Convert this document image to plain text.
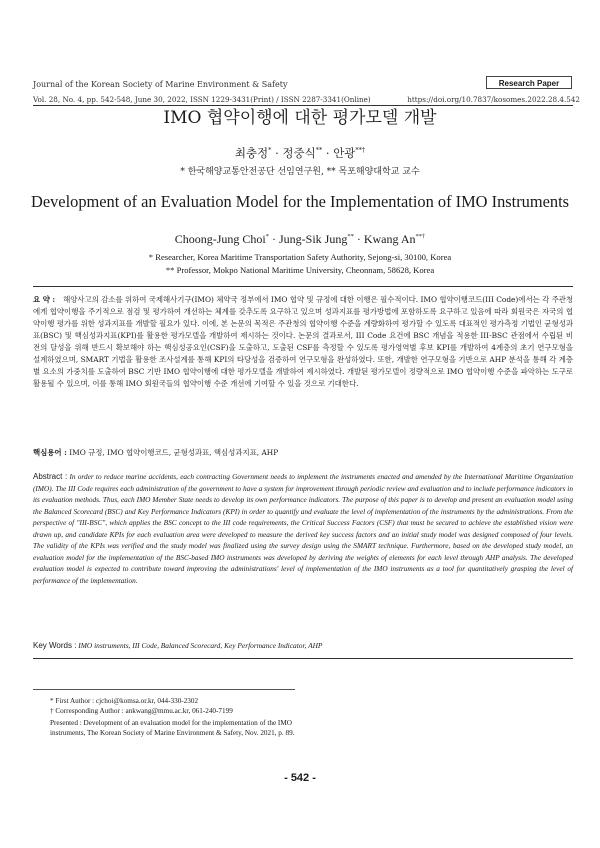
Journal of the Korean Society of Marine Environment & Safety	Research Paper
Vol. 28, No. 4, pp. 542-548, June 30, 2022, ISSN 1229-3431(Print) / ISSN 2287-3341(Online)	https://doi.org/10.7837/kosomes.2022.28.4.542
IMO 협약이행에 대한 평가모델 개발
최충정* · 정중식** · 안광**†
* 한국해양교통안전공단 선임연구원, ** 목포해양대학교 교수
Development of an Evaluation Model for the Implementation of IMO Instruments
Choong-Jung Choi* · Jung-Sik Jung** · Kwang An**†
* Researcher, Korea Maritime Transportation Safety Authority, Sejong-si, 30100, Korea
** Professor, Mokpo National Maritime University, Cheonnam, 58628, Korea
요 약 : 해양사고의 감소를 위하여 국제해사기구(IMO) 체약국 정부에서 IMO 협약 및 규정에 대한 이행은 필수적이다. IMO 협약이행코드(III Code)에서는 각 주관청에게 협약이행을 주기적으로 점검 및 평가하여 개선하는 체계를 갖추도록 요구하고 있으며 성과지표를 평가방법에 포함하도록 요구하고 있음에 따라 회원국은 자국의 협약이행 평가를 위한 성과지표를 개발할 필요가 있다. 이에, 본 논문의 목적은 주관청의 협약이행 수준을 계량화하여 평가할 수 있도록 대표적인 평가측정 기법인 균형성과표(BSC) 및 핵심성과지표(KPI)를 활용한 평가모델을 개발하여 제시하는 것이다. 논문의 결과로서, III Code 요건에 BSC 개념을 적용한 III-BSC 관점에서 수립된 비전의 달성을 위해 반드시 확보해야 하는 핵심성공요인(CSF)을 도출하고, 도출된 CSF를 측정할 수 있도록 평가영역별 후보 KPI를 개발하여 4계층의 초기 연구모형을 설계하였으며, SMART 기법을 활용한 조사설계를 통해 KPI의 타당성을 검증하여 연구모형을 완성하였다. 또한, 개발한 연구모형을 기반으로 AHP 분석을 통해 각 계층별 요소의 가중치를 도출하여 BSC 기반 IMO 협약이행에 대한 평가모델을 개발하여 제시하였다. 개발된 평가모델이 정량적으로 IMO 협약이행 수준을 파악하는 도구로 활용될 수 있으며, 이를 통해 IMO 회원국들의 협약이행 수준 개선에 기여할 수 있을 것으로 기대한다.
핵심용어 : IMO 규정, IMO 협약이행코드, 균형성과표, 핵심성과지표, AHP
Abstract : In order to reduce marine accidents, each contracting Government needs to implement the instruments enacted and amended by the International Maritime Organization (IMO). The III Code requires each administration of the government to have a system for improvement through periodic review and evaluation and to include performance indicators in its evaluation methods. Thus, each IMO Member State needs to develop its own performance indicators. The purpose of this paper is to develop and present an evaluation model using the Balanced Scorecard (BSC) and Key Performance Indicators (KPI) in order to quantify and evaluate the level of implementation of the instruments by the administrations. From the perspective of "III-BSC", which applies the BSC concept to the III code requirements, the Critical Success Factors (CSF) that must be secured to achieve the established vision were drawn up, and candidate KPIs for each evaluation area were developed to measure the derived key success factors and an initial study model was designed composed of four levels. The validity of the KPIs was verified and the study model was finalized using the survey design using the SMART technique. Furthermore, based on the developed study model, an evaluation model for the implementation of the BSC-based IMO instruments was developed by deriving the weights of elements for each level through AHP analysis. The developed evaluation model is expected to contribute toward improving the administrations' level of implementation of the IMO instruments as a tool for quantitatively grasping the level of performance of the implementation.
Key Words : IMO instruments, III Code, Balanced Scorecard, Key Performance Indicator, AHP
* First Author : cjchoi@komsa.or.kr, 044-330-2302
† Corresponding Author : ankwang@mmu.ac.kr, 061-240-7199
Presented : Development of an evaluation model for the implementation of the IMO instruments, The Korean Society of Marine Environment & Safety, Nov. 2021, p. 89.
- 542 -
